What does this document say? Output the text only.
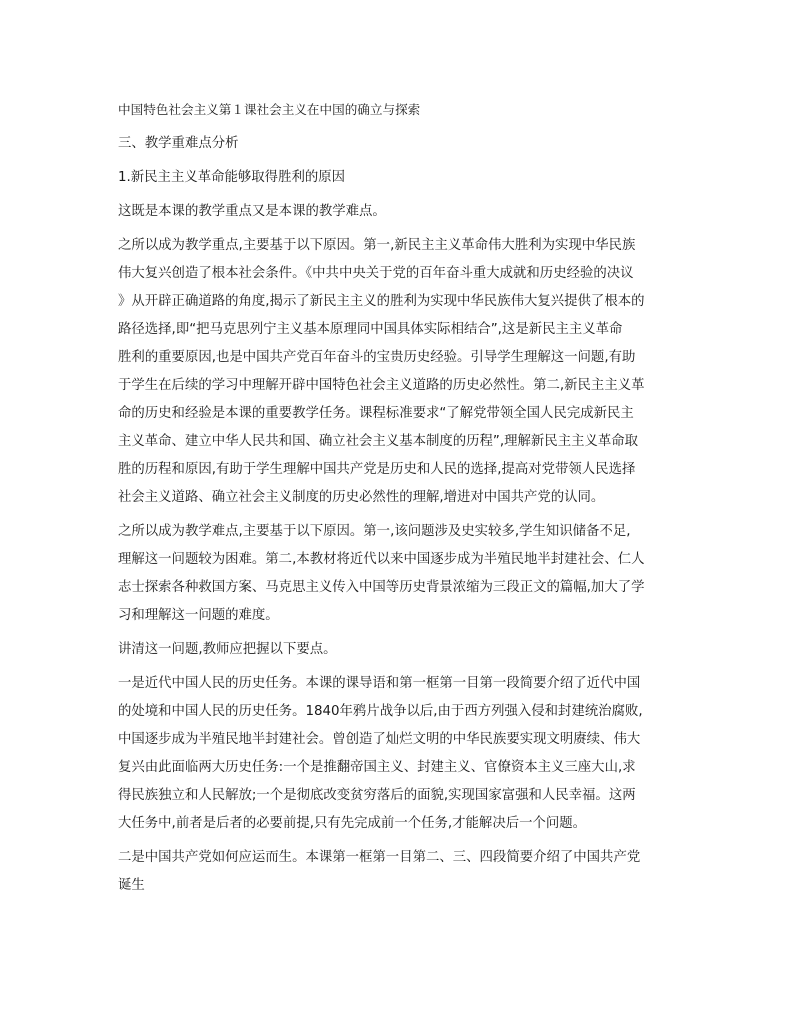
中国特色社会主义第１课社会主义在中国的确立与探索
三、教学重难点分析
1.新民主主义革命能够取得胜利的原因
这既是本课的教学重点又是本课的教学难点。
之所以成为教学重点,主要基于以下原因。第一,新民主主义革命伟大胜利为实现中华民族
伟大复兴创造了根本社会条件。《中共中央关于党的百年奋斗重大成就和历史经验的决议
》从开辟正确道路的角度,揭示了新民主主义的胜利为实现中华民族伟大复兴提供了根本的
路径选择,即“把马克思列宁主义基本原理同中国具体实际相结合”,这是新民主主义革命
胜利的重要原因,也是中国共产党百年奋斗的宝贵历史经验。引导学生理解这一问题,有助
于学生在后续的学习中理解开辟中国特色社会主义道路的历史必然性。第二,新民主主义革
命的历史和经验是本课的重要教学任务。课程标准要求“了解党带领全国人民完成新民主
主义革命、建立中华人民共和国、确立社会主义基本制度的历程”,理解新民主主义革命取
胜的历程和原因,有助于学生理解中国共产党是历史和人民的选择,提高对党带领人民选择
社会主义道路、确立社会主义制度的历史必然性的理解,增进对中国共产党的认同。
之所以成为教学难点,主要基于以下原因。第一,该问题涉及史实较多,学生知识储备不足,
理解这一问题较为困难。第二,本教材将近代以来中国逐步成为半殖民地半封建社会、仁人
志士探索各种救国方案、马克思主义传入中国等历史背景浓缩为三段正文的篇幅,加大了学
习和理解这一问题的难度。
讲清这一问题,教师应把握以下要点。
一是近代中国人民的历史任务。本课的课导语和第一框第一目第一段简要介绍了近代中国
的处境和中国人民的历史任务。1840年鸦片战争以后,由于西方列强入侵和封建统治腐败,
中国逐步成为半殖民地半封建社会。曾创造了灿烂文明的中华民族要实现文明赓续、伟大
复兴由此面临两大历史任务:一个是推翻帝国主义、封建主义、官僚资本主义三座大山,求
得民族独立和人民解放;一个是彻底改变贫穷落后的面貌,实现国家富强和人民幸福。这两
大任务中,前者是后者的必要前提,只有先完成前一个任务,才能解决后一个问题。
二是中国共产党如何应运而生。本课第一框第一目第二、三、四段简要介绍了中国共产党
诞生
